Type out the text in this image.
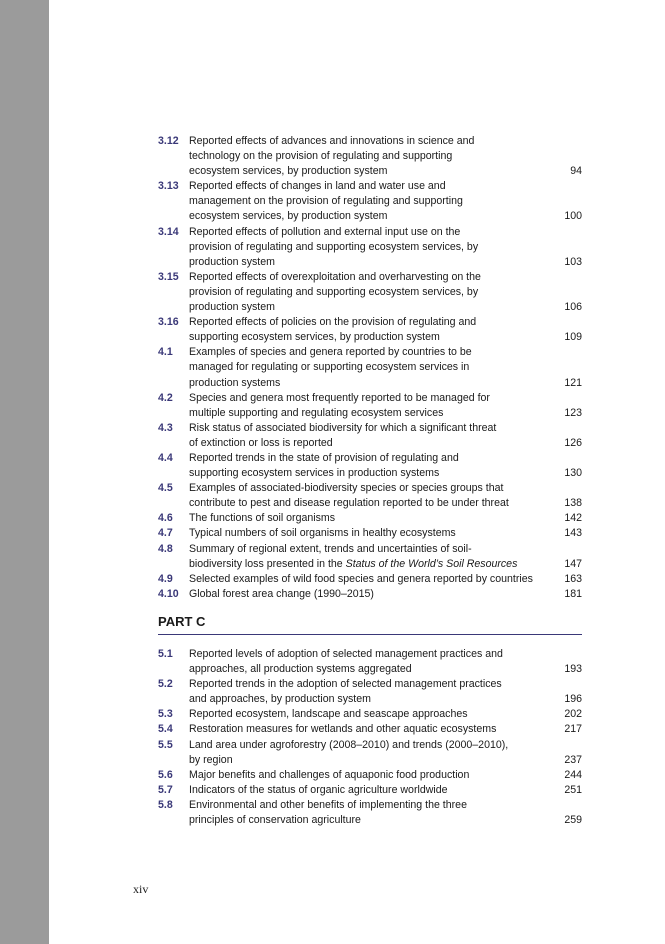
3.12 Reported effects of advances and innovations in science and
technology on the provision of regulating and supporting
ecosystem services, by production system	94
3.13 Reported effects of changes in land and water use and
management on the provision of regulating and supporting
ecosystem services, by production system	100
3.14 Reported effects of pollution and external input use on the
provision of regulating and supporting ecosystem services, by
production system	103
3.15 Reported effects of overexploitation and overharvesting on the
provision of regulating and supporting ecosystem services, by
production system	106
3.16 Reported effects of policies on the provision of regulating and
supporting ecosystem services, by production system	109
4.1	Examples of species and genera reported by countries to be
managed for regulating or supporting ecosystem services in
production systems	121
4.2	Species and genera most frequently reported to be managed for
multiple supporting and regulating ecosystem services	123
4.3	Risk status of associated biodiversity for which a significant threat
of extinction or loss is reported	126
4.4	Reported trends in the state of provision of regulating and
supporting ecosystem services in production systems	130
4.5	Examples of associated-biodiversity species or species groups that
contribute to pest and disease regulation reported to be under threat	138
4.6	The functions of soil organisms	142
4.7	Typical numbers of soil organisms in healthy ecosystems	143
4.8	Summary of regional extent, trends and uncertainties of soil-
biodiversity loss presented in the Status of the World’s Soil Resources	147
4.9	Selected examples of wild food species and genera reported by countries	163
4.10 Global forest area change (1990–2015)	181
PART C
5.1	Reported levels of adoption of selected management practices and
approaches, all production systems aggregated	193
5.2	Reported trends in the adoption of selected management practices
and approaches, by production system	196
5.3	Reported ecosystem, landscape and seascape approaches	202
5.4	Restoration measures for wetlands and other aquatic ecosystems	217
5.5	Land area under agroforestry (2008–2010) and trends (2000–2010),
by region	237
5.6	Major benefits and challenges of aquaponic food production	244
5.7	Indicators of the status of organic agriculture worldwide	251
5.8	Environmental and other benefits of implementing the three
principles of conservation agriculture	259
xiv
